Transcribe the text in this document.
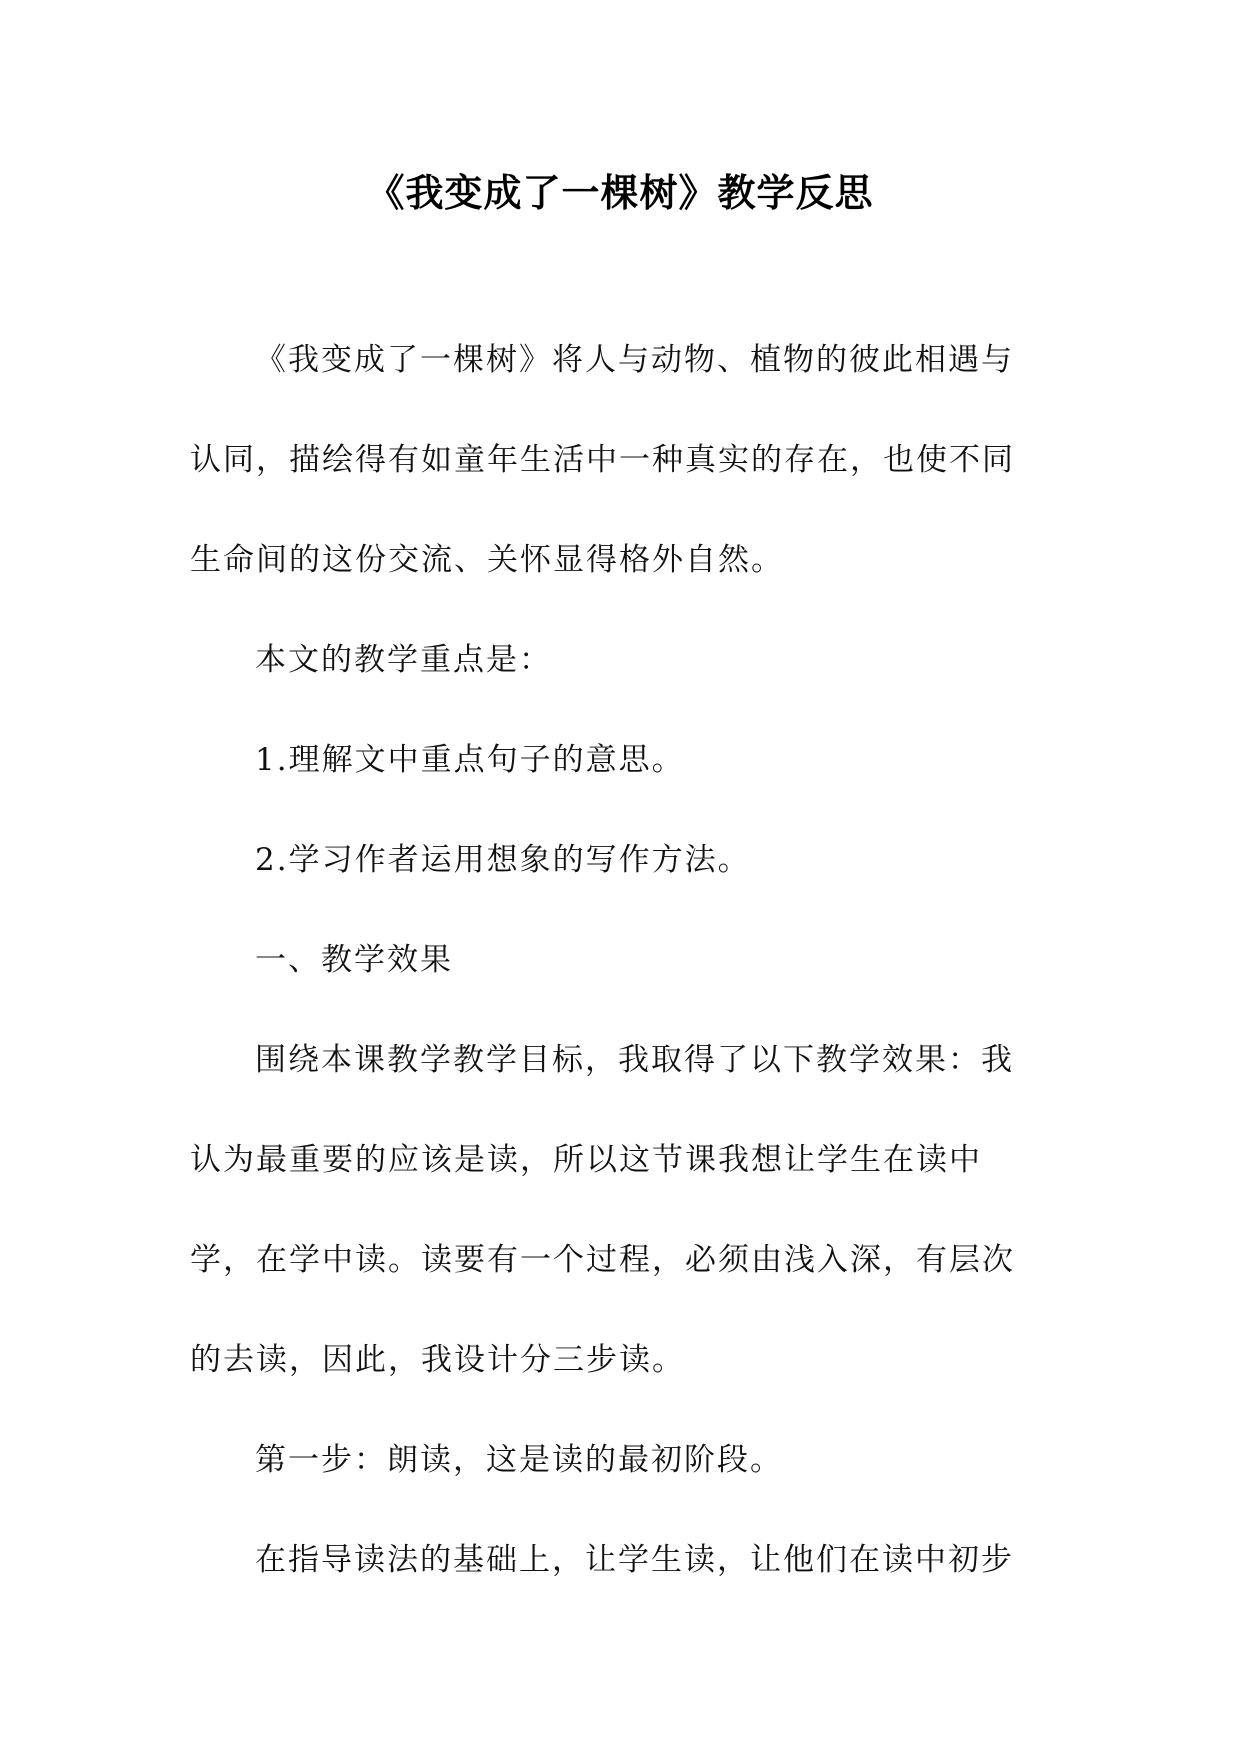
《我变成了一棵树》教学反思

《我变成了一棵树》将人与动物、植物的彼此相遇与认同，描绘得有如童年生活中一种真实的存在，也使不同生命间的这份交流、关怀显得格外自然。

本文的教学重点是：

1.理解文中重点句子的意思。

2.学习作者运用想象的写作方法。

一、教学效果

围绕本课教学教学目标，我取得了以下教学效果：我认为最重要的应该是读，所以这节课我想让学生在读中学，在学中读。读要有一个过程，必须由浅入深，有层次的去读，因此，我设计分三步读。

第一步：朗读，这是读的最初阶段。

在指导读法的基础上，让学生读，让他们在读中初步
